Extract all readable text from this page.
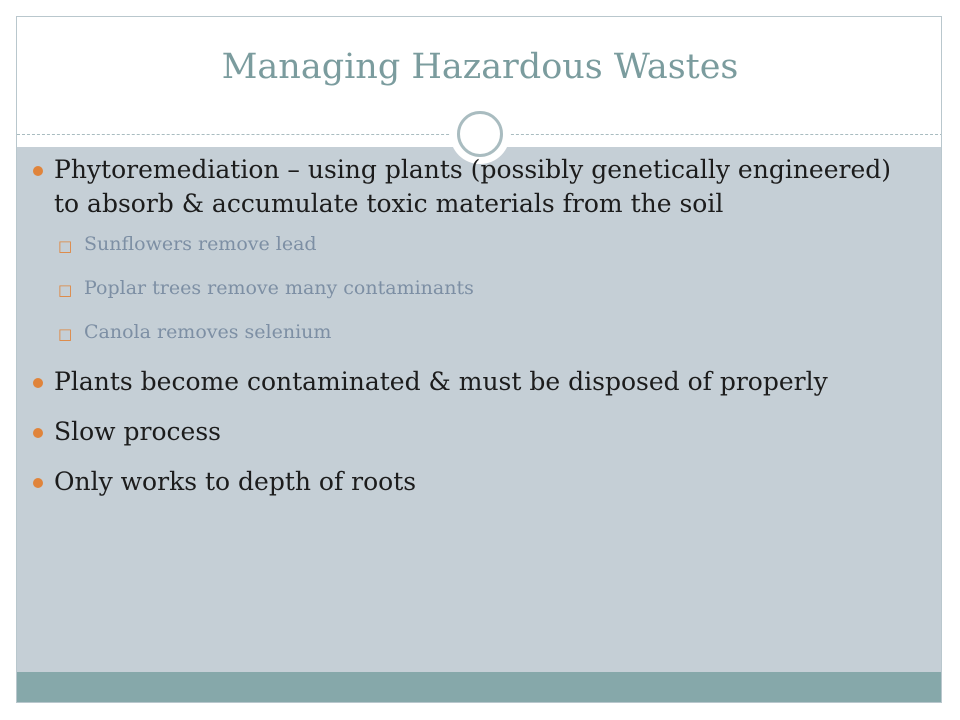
Managing Hazardous Wastes
Phytoremediation – using plants (possibly genetically engineered) to absorb & accumulate toxic materials from the soil
□ Sunflowers remove lead
□ Poplar trees remove many contaminants
□ Canola removes selenium
Plants become contaminated & must be disposed of properly
Slow process
Only works to depth of roots
